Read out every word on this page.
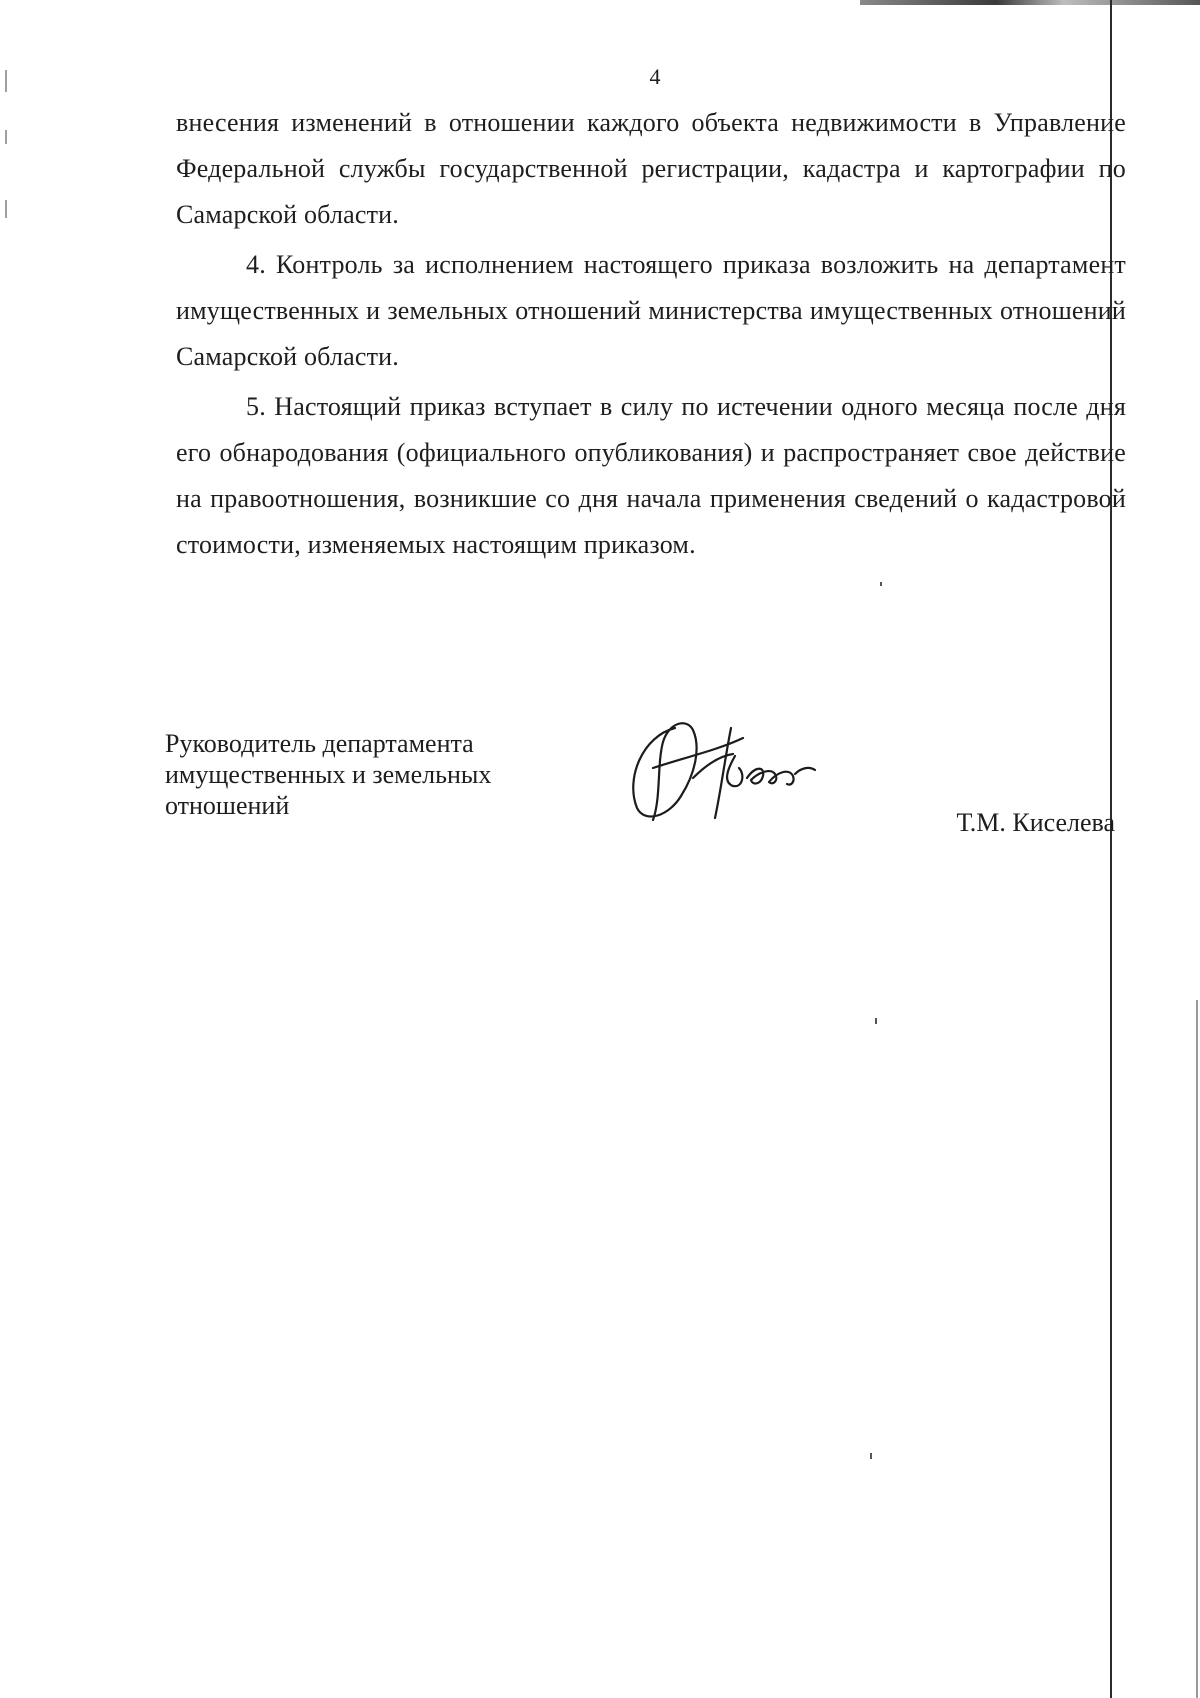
4

внесения изменений в отношении каждого объекта недвижимости в Управление Федеральной службы государственной регистрации, кадастра и картографии по Самарской области.

4. Контроль за исполнением настоящего приказа возложить на департамент имущественных и земельных отношений министерства имущественных отношений Самарской области.

5. Настоящий приказ вступает в силу по истечении одного месяца после дня его обнародования (официального опубликования) и распространяет свое действие на правоотношения, возникшие со дня начала применения сведений о кадастровой стоимости, изменяемых настоящим приказом.

Руководитель департамента
имущественных и земельных
отношений
Т.М. Киселева
